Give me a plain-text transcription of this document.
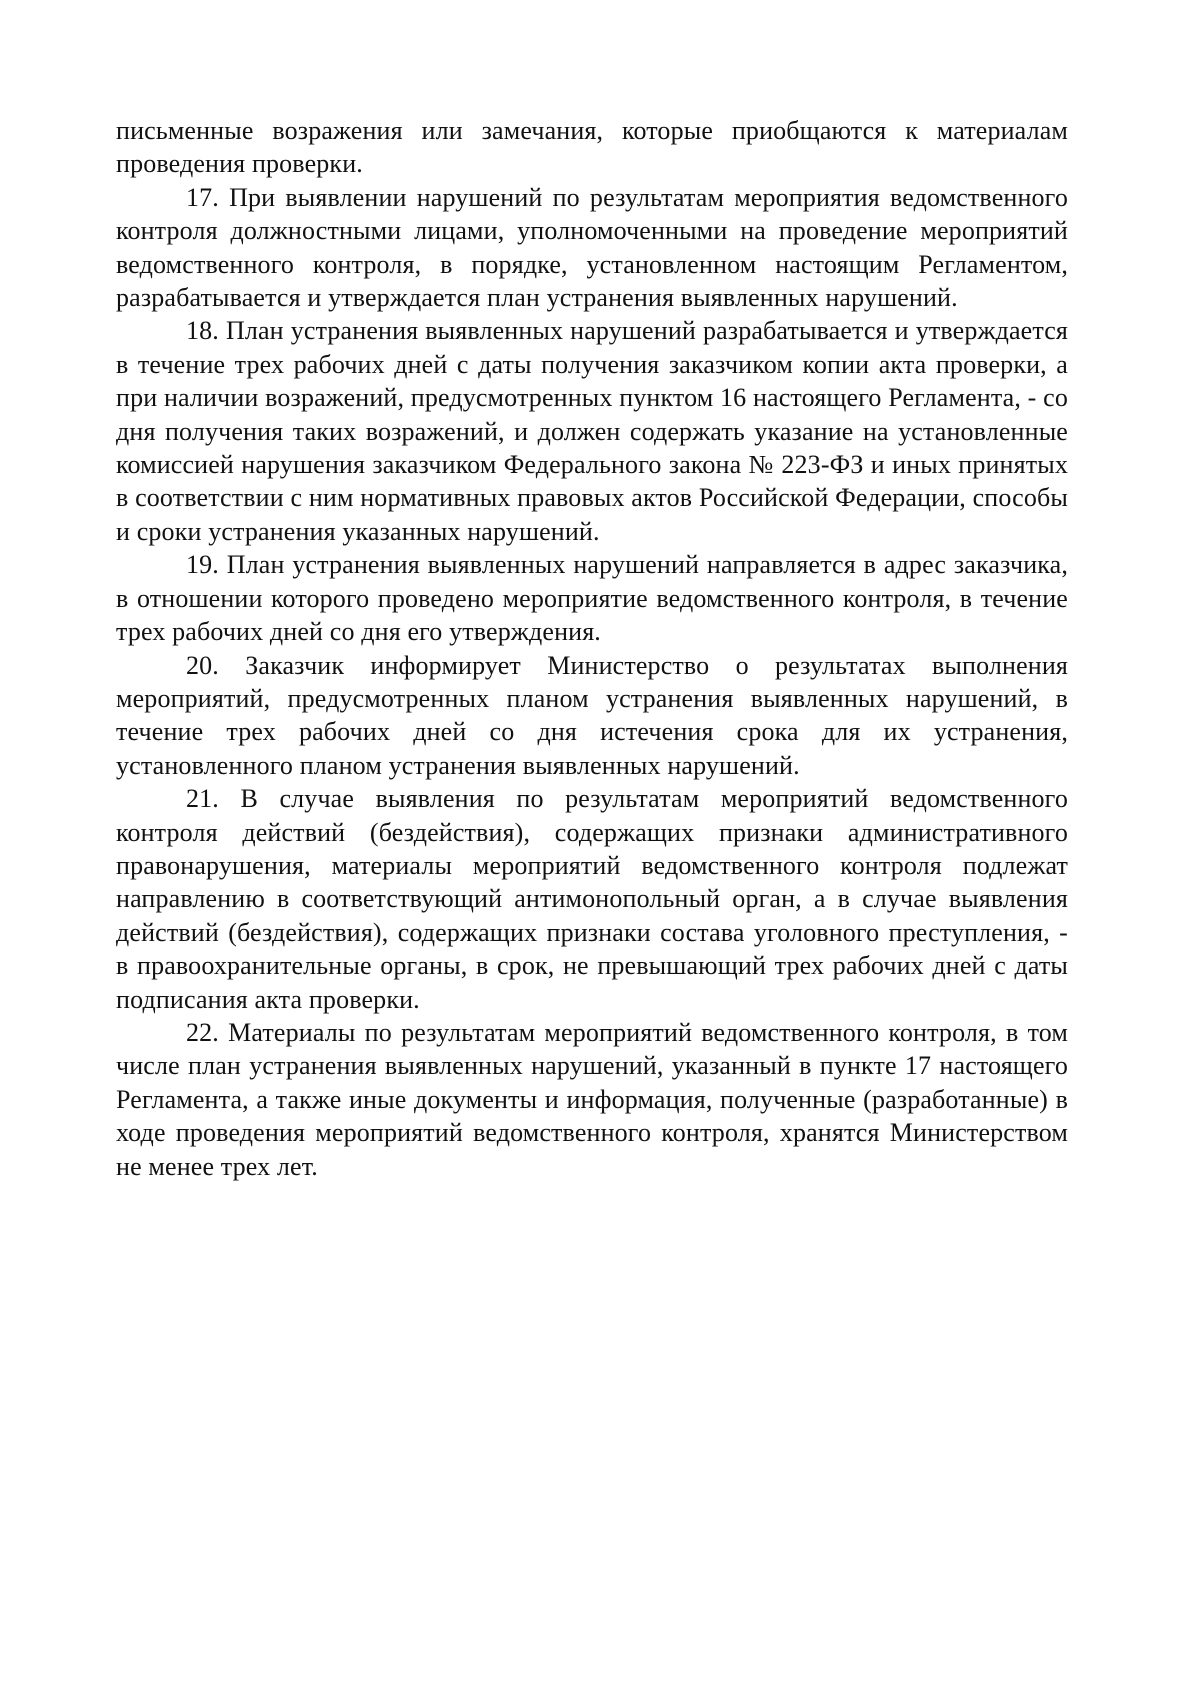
письменные возражения или замечания, которые приобщаются к материалам проведения проверки.

17. При выявлении нарушений по результатам мероприятия ведомственного контроля должностными лицами, уполномоченными на проведение мероприятий ведомственного контроля, в порядке, установленном настоящим Регламентом, разрабатывается и утверждается план устранения выявленных нарушений.

18. План устранения выявленных нарушений разрабатывается и утверждается в течение трех рабочих дней с даты получения заказчиком копии акта проверки, а при наличии возражений, предусмотренных пунктом 16 настоящего Регламента, - со дня получения таких возражений, и должен содержать указание на установленные комиссией нарушения заказчиком Федерального закона № 223-ФЗ и иных принятых в соответствии с ним нормативных правовых актов Российской Федерации, способы и сроки устранения указанных нарушений.

19. План устранения выявленных нарушений направляется в адрес заказчика, в отношении которого проведено мероприятие ведомственного контроля, в течение трех рабочих дней со дня его утверждения.

20. Заказчик информирует Министерство о результатах выполнения мероприятий, предусмотренных планом устранения выявленных нарушений, в течение трех рабочих дней со дня истечения срока для их устранения, установленного планом устранения выявленных нарушений.

21. В случае выявления по результатам мероприятий ведомственного контроля действий (бездействия), содержащих признаки административного правонарушения, материалы мероприятий ведомственного контроля подлежат направлению в соответствующий антимонопольный орган, а в случае выявления действий (бездействия), содержащих признаки состава уголовного преступления, - в правоохранительные органы, в срок, не превышающий трех рабочих дней с даты подписания акта проверки.

22. Материалы по результатам мероприятий ведомственного контроля, в том числе план устранения выявленных нарушений, указанный в пункте 17 настоящего Регламента, а также иные документы и информация, полученные (разработанные) в ходе проведения мероприятий ведомственного контроля, хранятся Министерством не менее трех лет.
